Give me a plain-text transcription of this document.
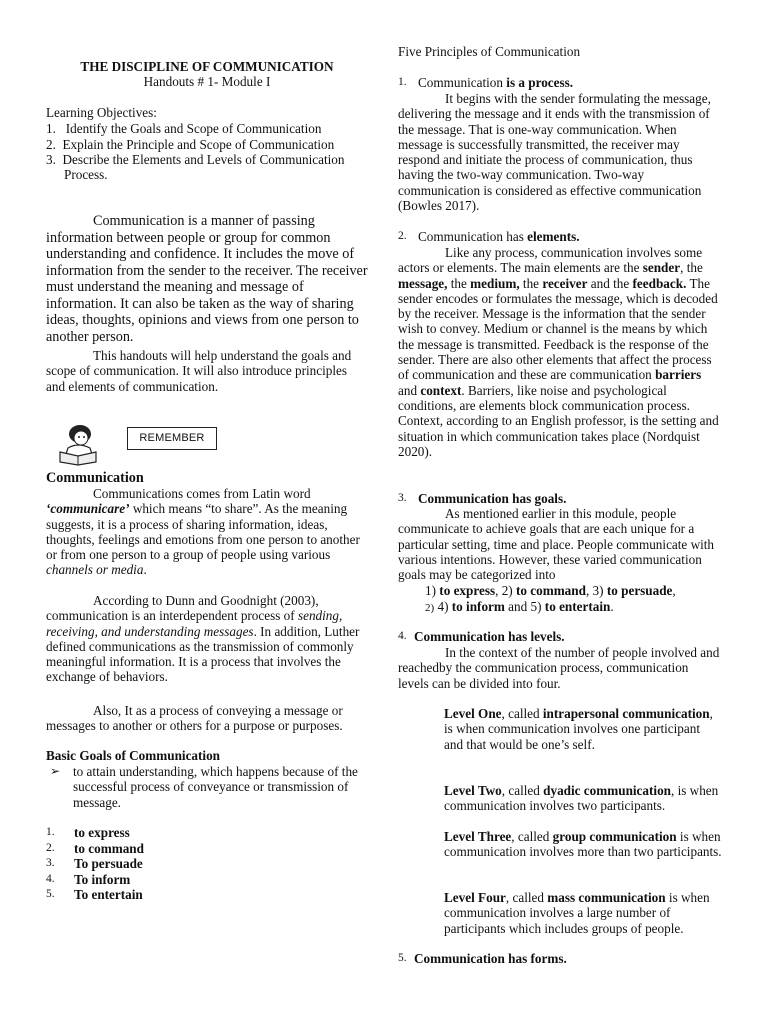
THE DISCIPLINE OF COMMUNICATION
Handouts # 1- Module I
Learning Objectives:
1. Identify the Goals and Scope of Communication
2. Explain the Principle and Scope of Communication
3. Describe the Elements and Levels of Communication
Process.

Communication is a manner of passing information between people or group for common understanding and confidence. It includes the move of information from the sender to the receiver. The receiver must understand the meaning and message of information. It can also be taken as the way of sharing ideas, thoughts, opinions and views from one person to another person.

This handouts will help understand the goals and scope of communication. It will also introduce principles and elements of communication.

REMEMBER
Communication

Communications comes from Latin word ‘communicare’ which means “to share”. As the meaning suggests, it is a process of sharing information, ideas, thoughts, feelings and emotions from one person to another or from one person to a group of people using various channels or media.

According to Dunn and Goodnight (2003), communication is an interdependent process of sending, receiving, and understanding messages. In addition, Luther defined communications as the transmission of commonly meaningful information. It is a process that involves the exchange of behaviors.

Also, It as a process of conveying a message or messages to another or others for a purpose or purposes.

Basic Goals of Communication
➢ to attain understanding, which happens because of the successful process of conveyance or transmission of message.
1. to express
2. to command
3. To persuade
4. To inform
5. To entertain
Five Principles of Communication
1. Communication is a process.

It begins with the sender formulating the message, delivering the message and it ends with the transmission of the message. That is one-way communication. When message is successfully transmitted, the receiver may respond and initiate the process of communication, thus having the two-way communication. Two-way communication is considered as effective communication (Bowles 2017).

2. Communication has elements.

Like any process, communication involves some actors or elements. The main elements are the sender, the message, the medium, the receiver and the feedback. The sender encodes or formulates the message, which is decoded by the receiver. Message is the information that the sender wish to convey. Medium or channel is the means by which the message is transmitted. Feedback is the response of the sender. There are also other elements that affect the process of communication and these are communication barriers and context. Barriers, like noise and psychological conditions, are elements block communication process. Context, according to an English professor, is the setting and situation in which communication takes place (Nordquist 2020).

3. Communication has goals.

As mentioned earlier in this module, people communicate to achieve goals that are each unique for a particular setting, time and place. People communicate with various intentions. However, these varied communication goals may be categorized into

1) to express, 2) to command, 3) to persuade,
2) 4) to inform and 5) to entertain.
4. Communication has levels.

In the context of the number of people involved and reachedby the communication process, communication levels can be divided into four.

Level One, called intrapersonal communication, is when communication involves one participant and that would be one’s self.
Level Two, called dyadic communication, is when communication involves two participants.
Level Three, called group communication is when communication involves more than two participants.
Level Four, called mass communication is when communication involves a large number of participants which includes groups of people.
5. Communication has forms.
